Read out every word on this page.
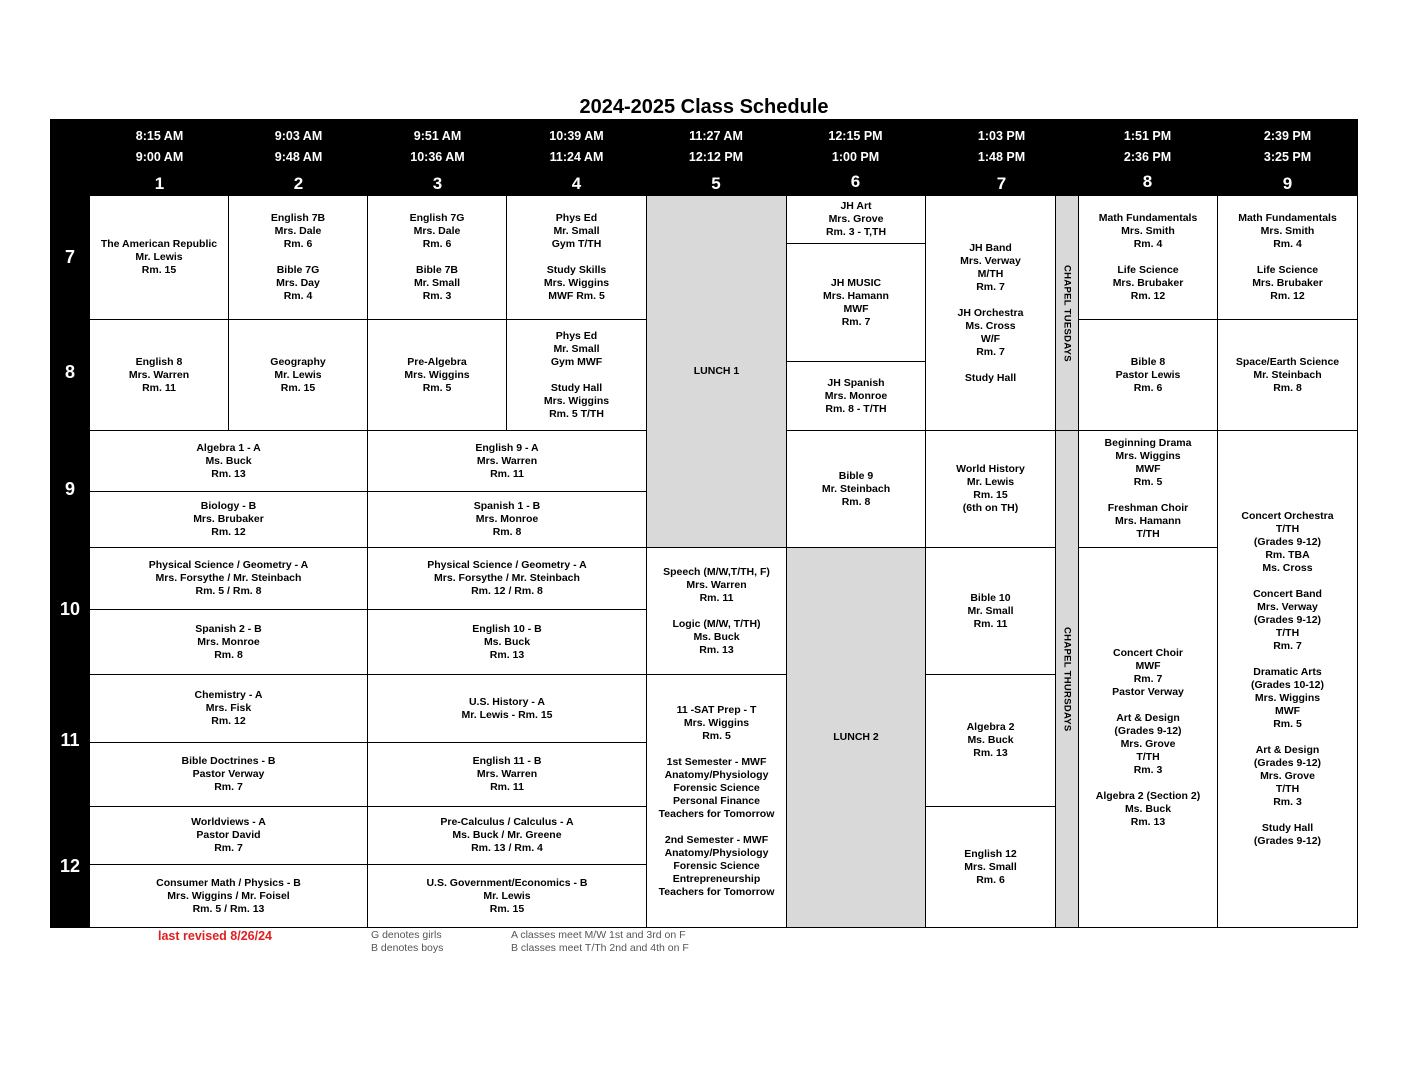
2024-2025 Class Schedule
8:15 AM
9:00 AM
1
9:03 AM
9:48 AM
2
9:51 AM
10:36 AM
3
10:39 AM
11:24 AM
4
11:27 AM
12:12 PM
5
12:15 PM
1:00 PM
6
1:03 PM
1:48 PM
7
1:51 PM
2:36 PM
8
2:39 PM
3:25 PM
9
7
8
9
10
11
12
The American Republic
Mr. Lewis
Rm. 15
English 8
Mrs. Warren
Rm. 11
English 7B
Mrs. Dale
Rm. 6

Bible 7G
Mrs. Day
Rm. 4
Geography
Mr. Lewis
Rm. 15
English 7G
Mrs. Dale
Rm. 6

Bible 7B
Mr. Small
Rm. 3
Pre-Algebra
Mrs. Wiggins
Rm. 5
Phys Ed
Mr. Small
Gym T/TH

Study Skills
Mrs. Wiggins
MWF Rm. 5
Phys Ed
Mr. Small
Gym MWF

Study Hall
Mrs. Wiggins
Rm. 5 T/TH
Algebra 1 - A
Ms. Buck
Rm. 13
Biology - B
Mrs. Brubaker
Rm. 12
Physical Science / Geometry - A
Mrs. Forsythe / Mr. Steinbach
Rm. 5 / Rm. 8
Spanish 2 - B
Mrs. Monroe
Rm. 8
Chemistry - A
Mrs. Fisk
Rm. 12
Bible Doctrines - B
Pastor Verway
Rm. 7
Worldviews - A
Pastor David
Rm. 7
Consumer Math / Physics - B
Mrs. Wiggins / Mr. Foisel
Rm. 5 / Rm. 13
English 9 - A
Mrs. Warren
Rm. 11
Spanish 1 - B
Mrs. Monroe
Rm. 8
Physical Science / Geometry - A
Mrs. Forsythe / Mr. Steinbach
Rm. 12 / Rm. 8
English 10 - B
Ms. Buck
Rm. 13
U.S. History - A
Mr. Lewis - Rm. 15
English 11 - B
Mrs. Warren
Rm. 11
Pre-Calculus / Calculus - A
Ms. Buck / Mr. Greene
Rm. 13 / Rm. 4
U.S. Government/Economics - B
Mr. Lewis
Rm. 15
LUNCH 1
Speech (M/W,T/TH, F)
Mrs. Warren
Rm. 11

Logic (M/W, T/TH)
Ms. Buck
Rm. 13
11 -SAT Prep - T
Mrs. Wiggins
Rm. 5

1st Semester - MWF
Anatomy/Physiology
Forensic Science
Personal Finance
Teachers for Tomorrow

2nd Semester - MWF
Anatomy/Physiology
Forensic Science
Entrepreneurship
Teachers for Tomorrow
JH Art
Mrs. Grove
Rm. 3 - T,TH
JH MUSIC
Mrs. Hamann
MWF
Rm. 7
JH Spanish
Mrs. Monroe
Rm. 8 - T/TH
Bible 9
Mr. Steinbach
Rm. 8
LUNCH 2
JH Band
Mrs. Verway
M/TH
Rm. 7

JH Orchestra
Ms. Cross
W/F
Rm. 7

Study Hall
World History
Mr. Lewis
Rm. 15
(6th on TH)
Bible 10
Mr. Small
Rm. 11
Algebra 2
Ms. Buck
Rm. 13
English 12
Mrs. Small
Rm. 6
CHAPEL TUESDAYS
CHAPEL THURSDAYS
Math Fundamentals
Mrs. Smith
Rm. 4

Life Science
Mrs. Brubaker
Rm. 12
Bible 8
Pastor Lewis
Rm. 6
Beginning Drama
Mrs. Wiggins
MWF
Rm. 5

Freshman Choir
Mrs. Hamann
T/TH
Concert Choir
MWF
Rm. 7
Pastor Verway

Art & Design
(Grades 9-12)
Mrs. Grove
T/TH
Rm. 3

Algebra 2 (Section 2)
Ms. Buck
Rm. 13
Math Fundamentals
Mrs. Smith
Rm. 4

Life Science
Mrs. Brubaker
Rm. 12
Space/Earth Science
Mr. Steinbach
Rm. 8
Concert Orchestra
T/TH
(Grades 9-12)
Rm. TBA
Ms. Cross

Concert Band
Mrs. Verway
(Grades 9-12)
T/TH
Rm. 7

Dramatic Arts
(Grades 10-12)
Mrs. Wiggins
MWF
Rm. 5

Art & Design
(Grades 9-12)
Mrs. Grove
T/TH
Rm. 3

Study Hall
(Grades 9-12)
last revised 8/26/24	G denotes girls
B denotes boys
A classes meet M/W 1st and 3rd on F
B classes meet T/Th 2nd and 4th on F
